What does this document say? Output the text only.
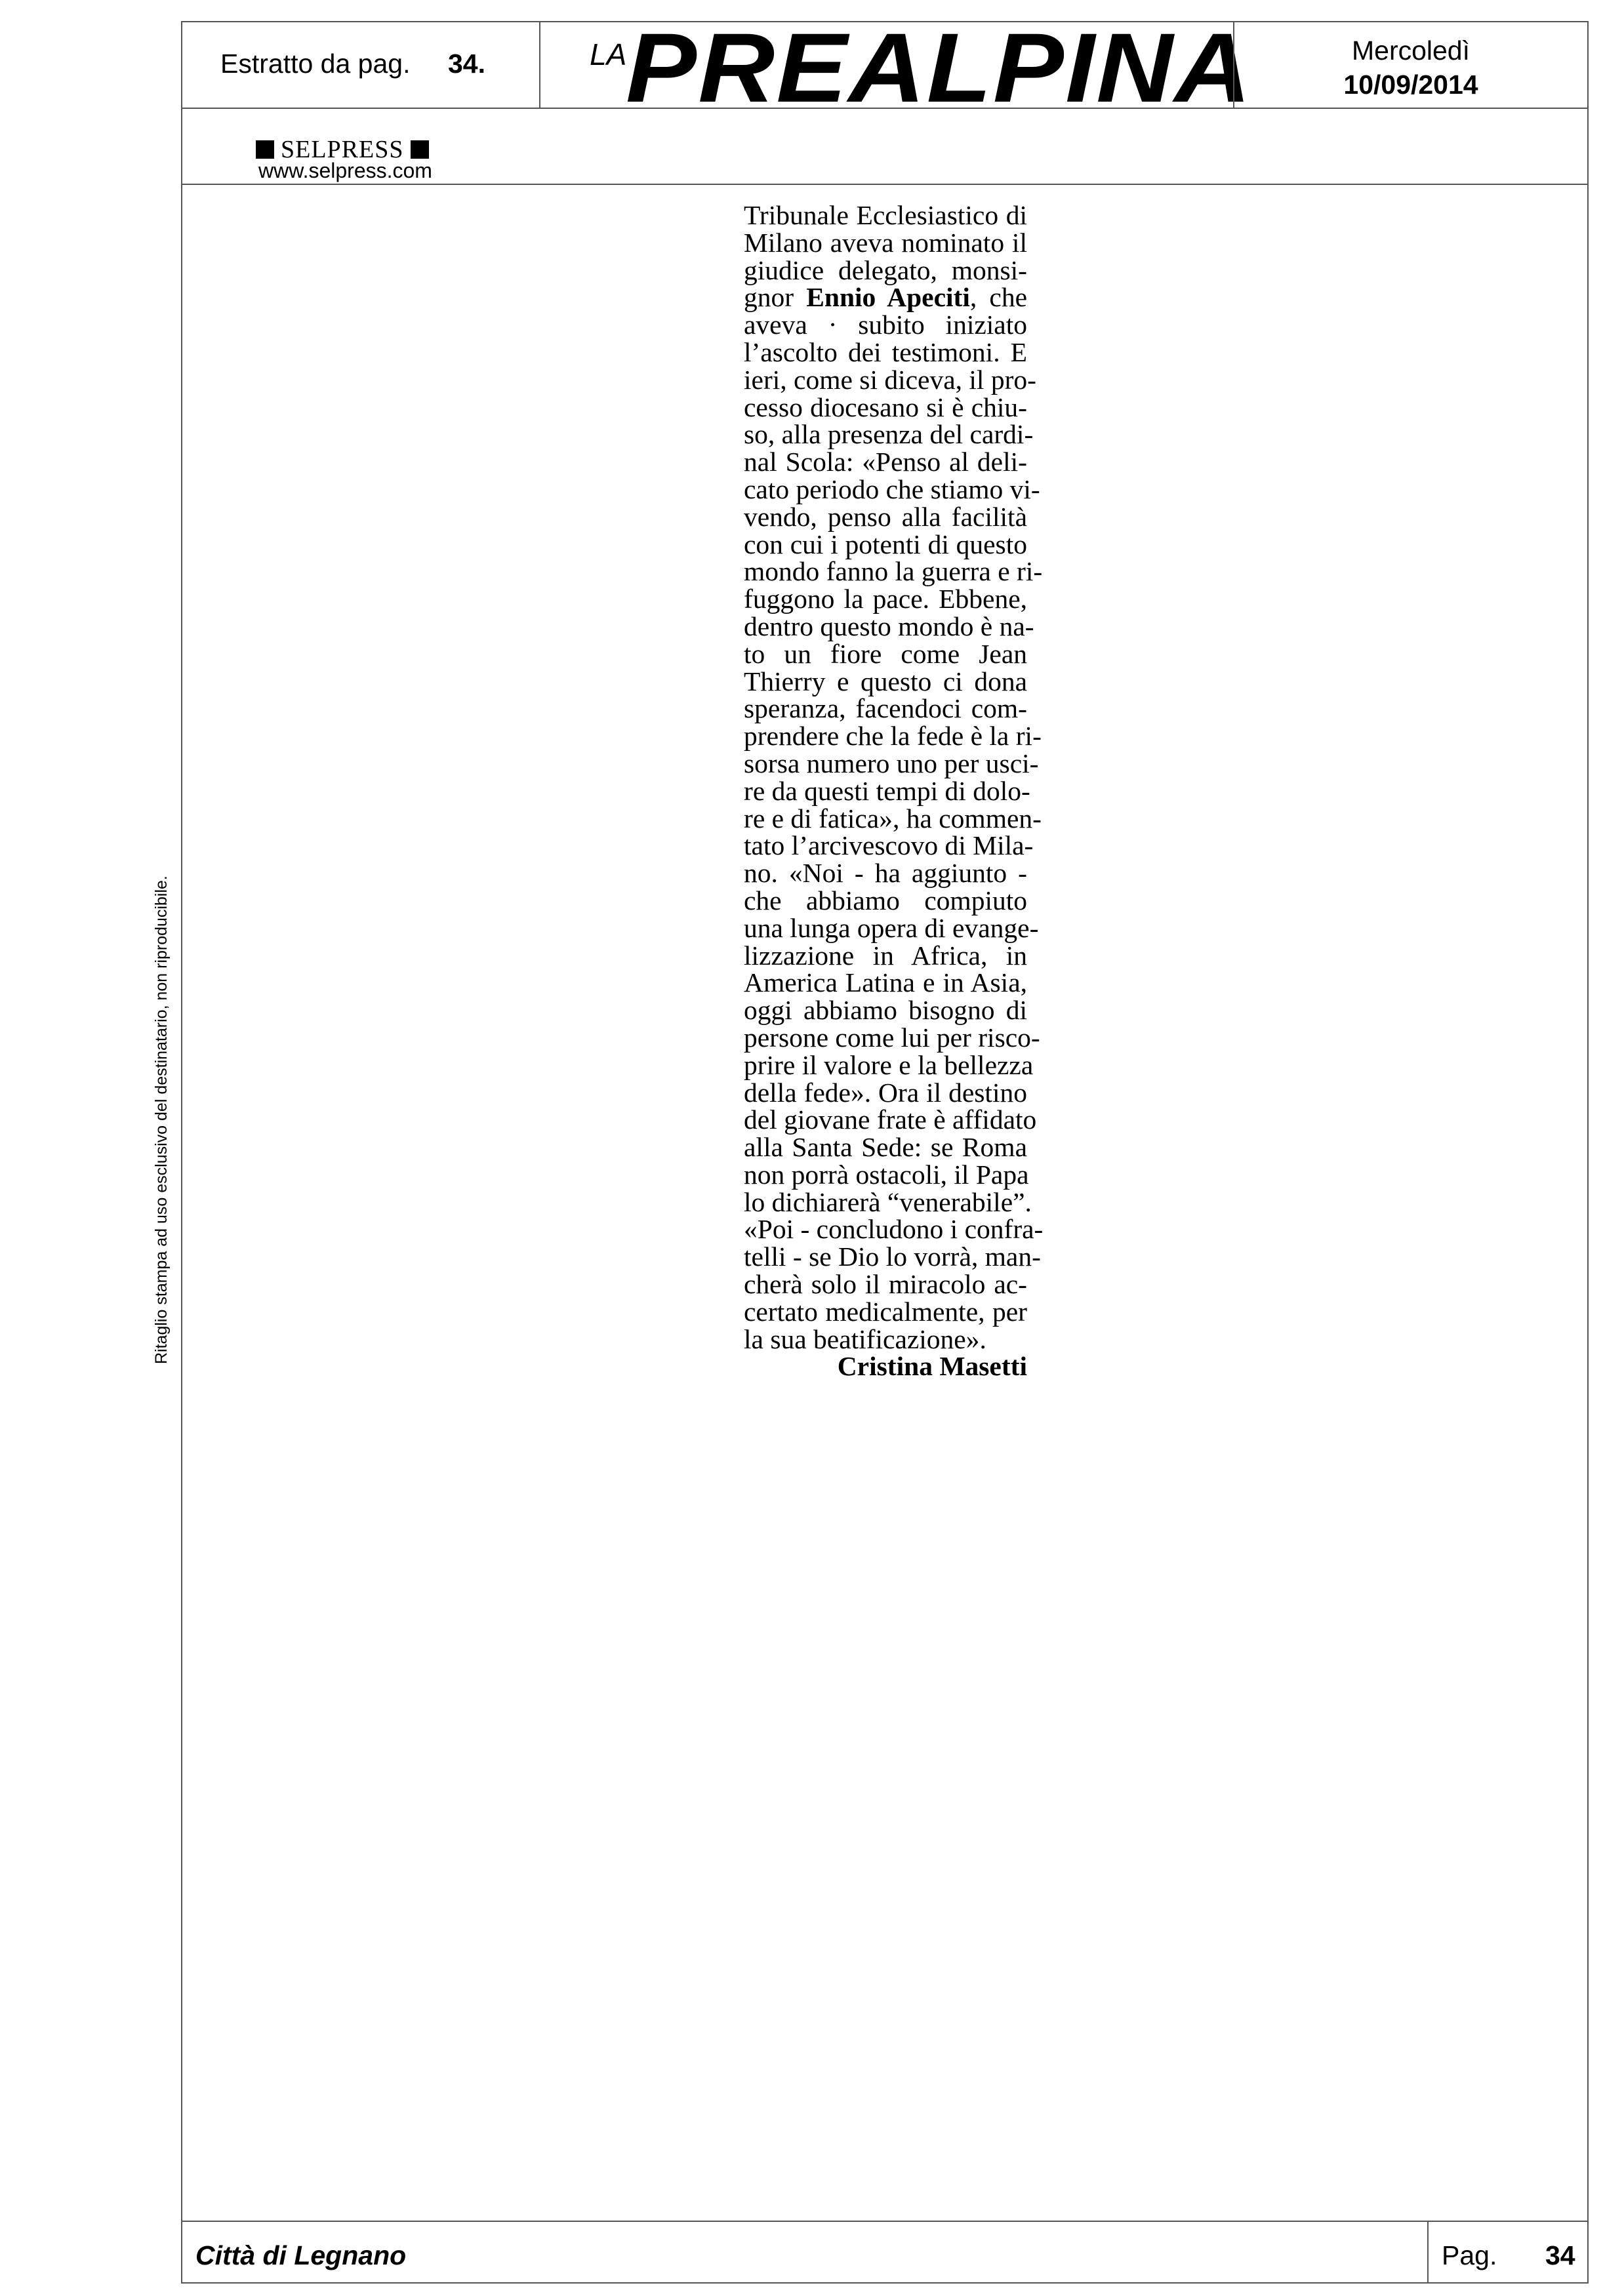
Estratto da pag. 34.	LA
PREALPINA	Mercoledì
10/09/2014
SELPRESS
www.selpress.com
Ritaglio stampa ad uso esclusivo del destinatario, non riproducibile.
Tribunale Ecclesiastico di
Milano aveva nominato il
giudice delegato, monsi-
gnor Ennio Apeciti, che
aveva · subito iniziato
l’ascolto dei testimoni. E
ieri, come si diceva, il pro-
cesso diocesano si è chiu-
so, alla presenza del cardi-
nal Scola: «Penso al deli-
cato periodo che stiamo vi-
vendo, penso alla facilità
con cui i potenti di questo
mondo fanno la guerra e ri-
fuggono la pace. Ebbene,
dentro questo mondo è na-
to un fiore come Jean
Thierry e questo ci dona
speranza, facendoci com-
prendere che la fede è la ri-
sorsa numero uno per usci-
re da questi tempi di dolo-
re e di fatica», ha commen-
tato l’arcivescovo di Mila-
no. «Noi - ha aggiunto -
che abbiamo compiuto
una lunga opera di evange-
lizzazione in Africa, in
America Latina e in Asia,
oggi abbiamo bisogno di
persone come lui per risco-
prire il valore e la bellezza
della fede». Ora il destino
del giovane frate è affidato
alla Santa Sede: se Roma
non porrà ostacoli, il Papa
lo dichiarerà “venerabile”.
«Poi - concludono i confra-
telli - se Dio lo vorrà, man-
cherà solo il miracolo ac-
certato medicalmente, per
la sua beatificazione».
Cristina Masetti
Città di Legnano	Pag. 34
